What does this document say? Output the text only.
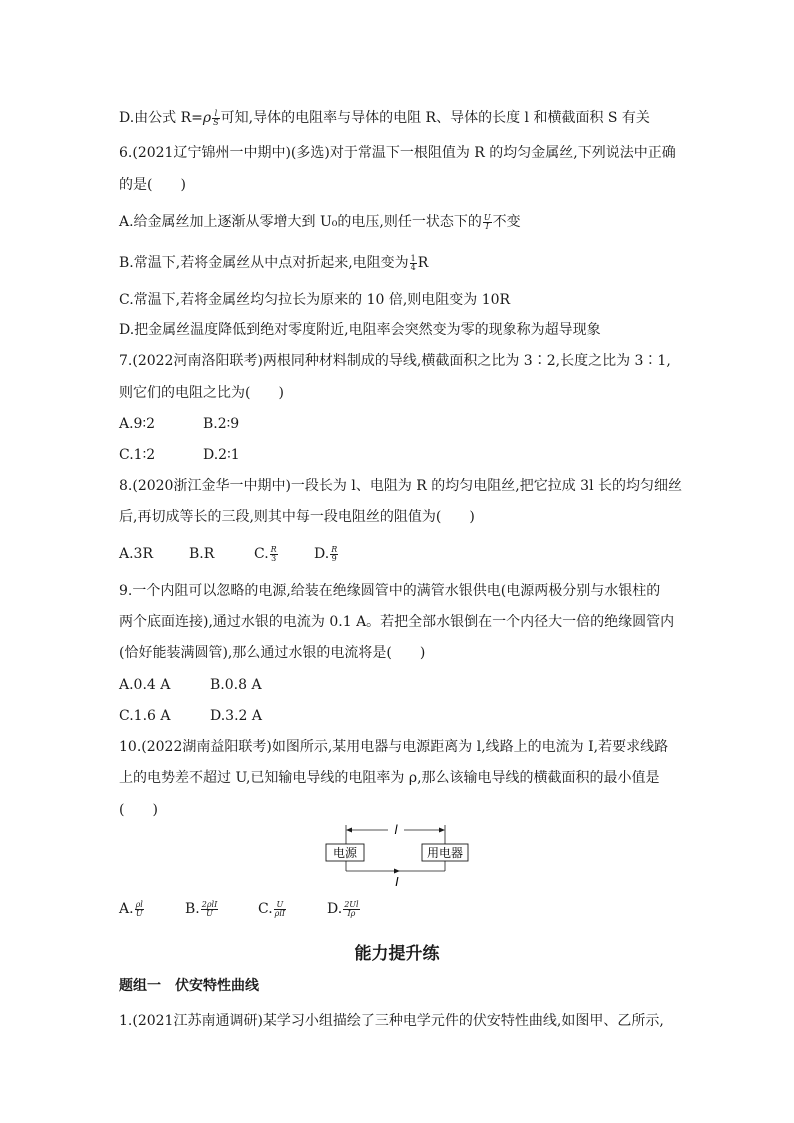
D.由公式 $R=\rho \frac{l}{S}$ 可知,导体的电阻率与导体的电阻 R、导体的长度 l 和横截面积 S 有关
6.(2021辽宁锦州一中期中)(多选)对于常温下一根阻值为 R 的均匀金属丝,下列说法中正确
的是(　　)
A.给金属丝加上逐渐从零增大到 U₀的电压,则任一状态下的 $\frac{U}{I}$ 不变
B.常温下,若将金属丝从中点对折起来,电阻变为 $\frac{1}{4}$ R
C.常温下,若将金属丝均匀拉长为原来的 10 倍,则电阻变为 10R
D.把金属丝温度降低到绝对零度附近,电阻率会突然变为零的现象称为超导现象
7.(2022河南洛阳联考)两根同种材料制成的导线,横截面积之比为 3∶2,长度之比为 3∶1,
则它们的电阻之比为(　　)
A.9∶2	B.2∶9
C.1∶2	D.2∶1
8.(2020浙江金华一中期中)一段长为 l、电阻为 R 的均匀电阻丝,把它拉成 3l 长的均匀细丝
后,再切成等长的三段,则其中每一段电阻丝的阻值为(　　)
A.3R	B.R	C. $\frac{R}{3}$	D. $\frac{R}{9}$
9.一个内阻可以忽略的电源,给装在绝缘圆管中的满管水银供电(电源两极分别与水银柱的
两个底面连接),通过水银的电流为 0.1 A。若把全部水银倒在一个内径大一倍的绝缘圆管内
(恰好能装满圆管),那么通过水银的电流将是(　　)
A.0.4 A	B.0.8 A
C.1.6 A	D.3.2 A
10.(2022湖南益阳联考)如图所示,某用电器与电源距离为 l,线路上的电流为 I,若要求线路
上的电势差不超过 U,已知输电导线的电阻率为 ρ,那么该输电导线的横截面积的最小值是
(　　)
l
电源	用电器
I
A. $\frac{\rho l}{U}$	B. $\frac{\text{2ρlI}}{U}$	C. $\frac{U}{\text{ρlI}}$	D. $\frac{2Ul}{I\rho}$
能力提升练
题组一　伏安特性曲线
1.(2021江苏南通调研)某学习小组描绘了三种电学元件的伏安特性曲线,如图甲、乙所示,
